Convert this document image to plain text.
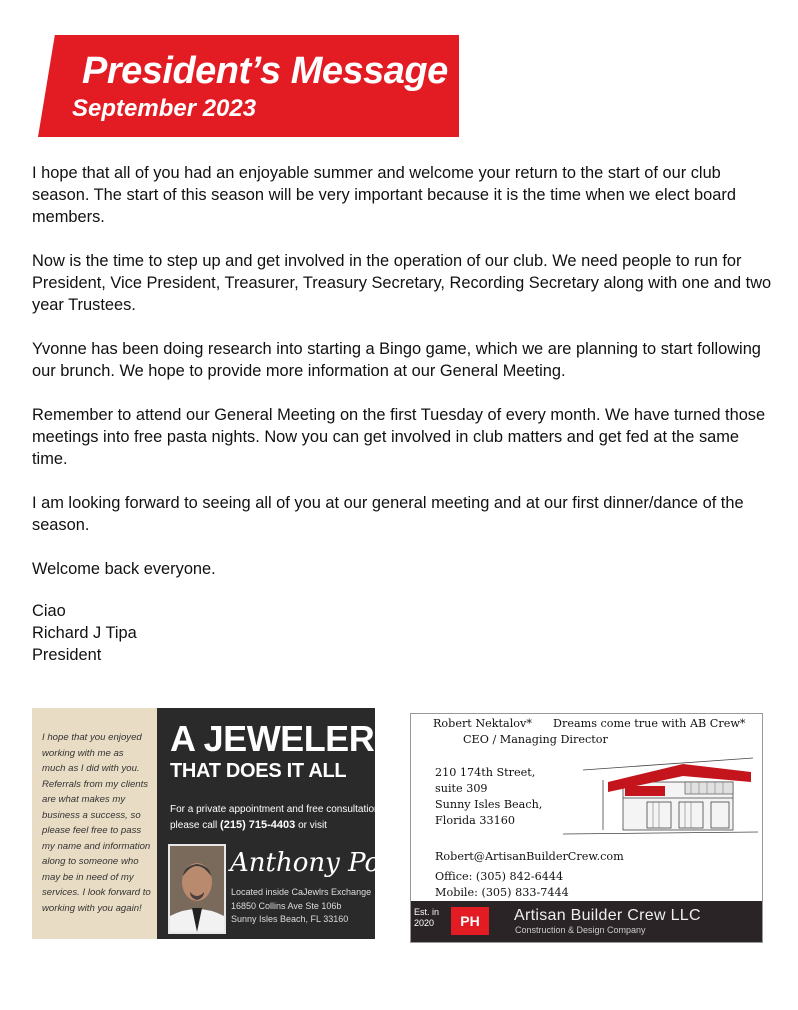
President’s Message
September 2023

I hope that all of you had an enjoyable summer and welcome your return to the start of our club season. The start of this season will be very important because it is the time when we elect board members.

Now is the time to step up and get involved in the operation of our club. We need people to run for President, Vice President, Treasurer, Treasury Secretary, Recording Secretary along with one and two year Trustees.

Yvonne has been doing research into starting a Bingo game, which we are planning to start following our brunch. We hope to provide more information at our General Meeting.

Remember to attend our General Meeting on the first Tuesday of every month. We have turned those meetings into free pasta nights. Now you can get involved in club matters and get fed at the same time.

I am looking forward to seeing all of you at our general meeting and at our first dinner/dance of the season.

Welcome back everyone.

Ciao
Richard J Tipa
President
I hope that you enjoyed
working with me as
much as I did with you.
Referrals from my clients
are what makes my
business a success, so
please feel free to pass
my name and information
along to someone who
may be in need of my
services. I look forward to
working with you again!
A JEWELER
THAT DOES IT ALL
For a private appointment and free consultation
please call (215) 715-4403 or visit
Anthony Poz
Located inside CaJewlrs Exchange
16850 Collins Ave Ste 106b
Sunny Isles Beach, FL 33160
Robert Nektalov* Dreams come true with AB Crew*
CEO / Managing Director
210 174th Street,
suite 309
Sunny Isles Beach,
Florida 33160
Robert@ArtisanBuilderCrew.com
Office: (305) 842-6444
Mobile: (305) 833-7444
Est. in
2020	PH	Artisan Builder Crew LLC
Construction & Design Company
